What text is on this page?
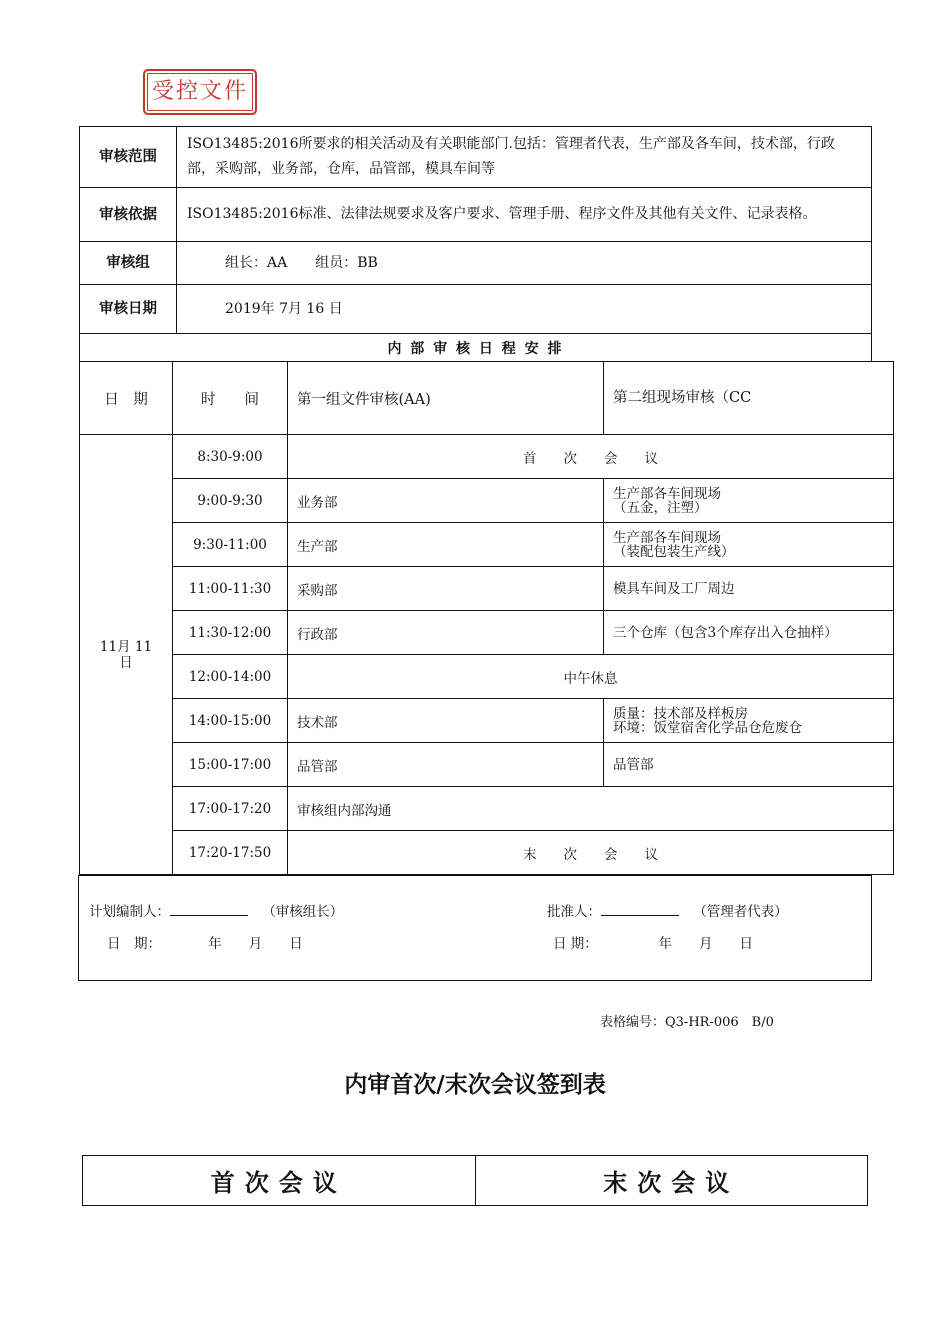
受控文件
审核范围	ISO13485:2016所要求的相关活动及有关职能部门.包括：管理者代表，生产部及各车间，技术部，行政部，采购部，业务部，仓库，品管部，模具车间等
审核依据	ISO13485:2016标准、法律法规要求及客户要求、管理手册、程序文件及其他有关文件、记录表格。
审核组	组长：AA　　组员：BB
审核日期	2019年 7月 16 日
内 部 审 核 日 程 安 排	
日　期	时　　间	第一组文件审核(AA)	第二组现场审核（CC
11月 11日	8:30-9:00	首　　次　　会　　议	
	9:00-9:30	业务部	生产部各车间现场
（五金，注塑）
	9:30-11:00	生产部	生产部各车间现场
（装配包装生产线）
	11:00-11:30	采购部	模具车间及工厂周边
	11:30-12:00	行政部	三个仓库（包含3个库存出入仓抽样）
	12:00-14:00	中午休息	
	14:00-15:00	技术部	质量：技术部及样板房
环境：饭堂宿舍化学品仓危废仓
	15:00-17:00	品管部	品管部
	17:00-17:20	审核组内部沟通	
	17:20-17:50	末　　次　　会　　议	
计划编制人：	（审核组长）	批准人：	（管理者代表）
日　期：　　　　年　　月　　日	日 期：　　　　　年　　月　　日
表格编号：Q3-HR-006　B/0
内审首次/末次会议签到表
首次会议	末次会议
